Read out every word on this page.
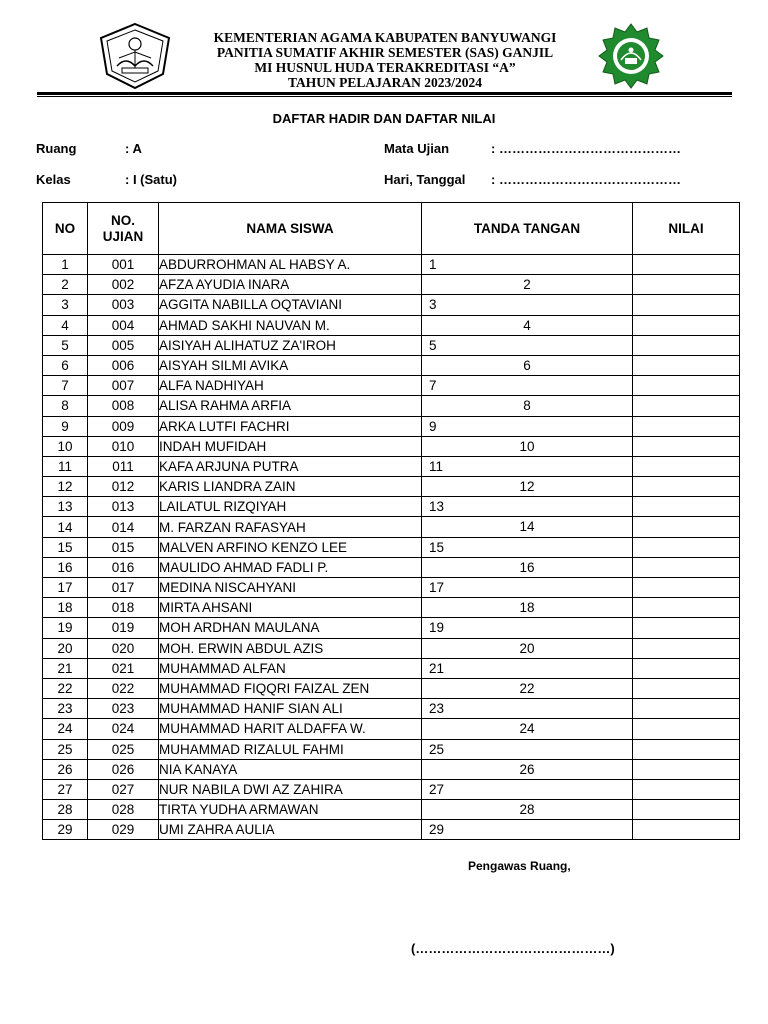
KEMENTERIAN AGAMA KABUPATEN BANYUWANGI
PANITIA SUMATIF AKHIR SEMESTER (SAS) GANJIL
MI HUSNUL HUDA TERAKREDITASI “A”
TAHUN PELAJARAN 2023/2024
DAFTAR HADIR DAN DAFTAR NILAI
Ruang	: A
Kelas	: I (Satu)
Mata Ujian	: ……………………………………
Hari, Tanggal : ……………………………………
NO	NO.
UJIAN	NAMA SISWA	TANDA TANGAN	NILAI
1	001	ABDURROHMAN AL HABSY A.	1	

2	002	AFZA AYUDIA INARA	2	

3	003	AGGITA NABILLA OQTAVIANI	3	

4	004	AHMAD SAKHI NAUVAN M.	4	

5	005	AISIYAH ALIHATUZ ZA'IROH	5	

6	006	AISYAH SILMI AVIKA	6	

7	007	ALFA NADHIYAH	7	

8	008	ALISA RAHMA ARFIA	8	

9	009	ARKA LUTFI FACHRI	9	

10	010	INDAH MUFIDAH	10	

11	011	KAFA ARJUNA PUTRA	11	

12	012	KARIS LIANDRA ZAIN	12	

13	013	LAILATUL RIZQIYAH	13	

14	014	M. FARZAN RAFASYAH	14	

15	015	MALVEN ARFINO KENZO LEE	15	

16	016	MAULIDO AHMAD FADLI P.	16	

17	017	MEDINA NISCAHYANI	17	

18	018	MIRTA AHSANI	18	

19	019	MOH ARDHAN MAULANA	19	

20	020	MOH. ERWIN ABDUL AZIS	20	

21	021	MUHAMMAD ALFAN	21	

22	022	MUHAMMAD FIQQRI FAIZAL ZEN	22	

23	023	MUHAMMAD HANIF SIAN ALI	23	

24	024	MUHAMMAD HARIT ALDAFFA W.	24	

25	025	MUHAMMAD RIZALUL FAHMI	25	

26	026	NIA KANAYA	26	

27	027	NUR NABILA DWI AZ ZAHIRA	27	

28	028	TIRTA YUDHA ARMAWAN	28	

29	029	UMI ZAHRA AULIA	29	

Pengawas Ruang,
(………………………………………)
